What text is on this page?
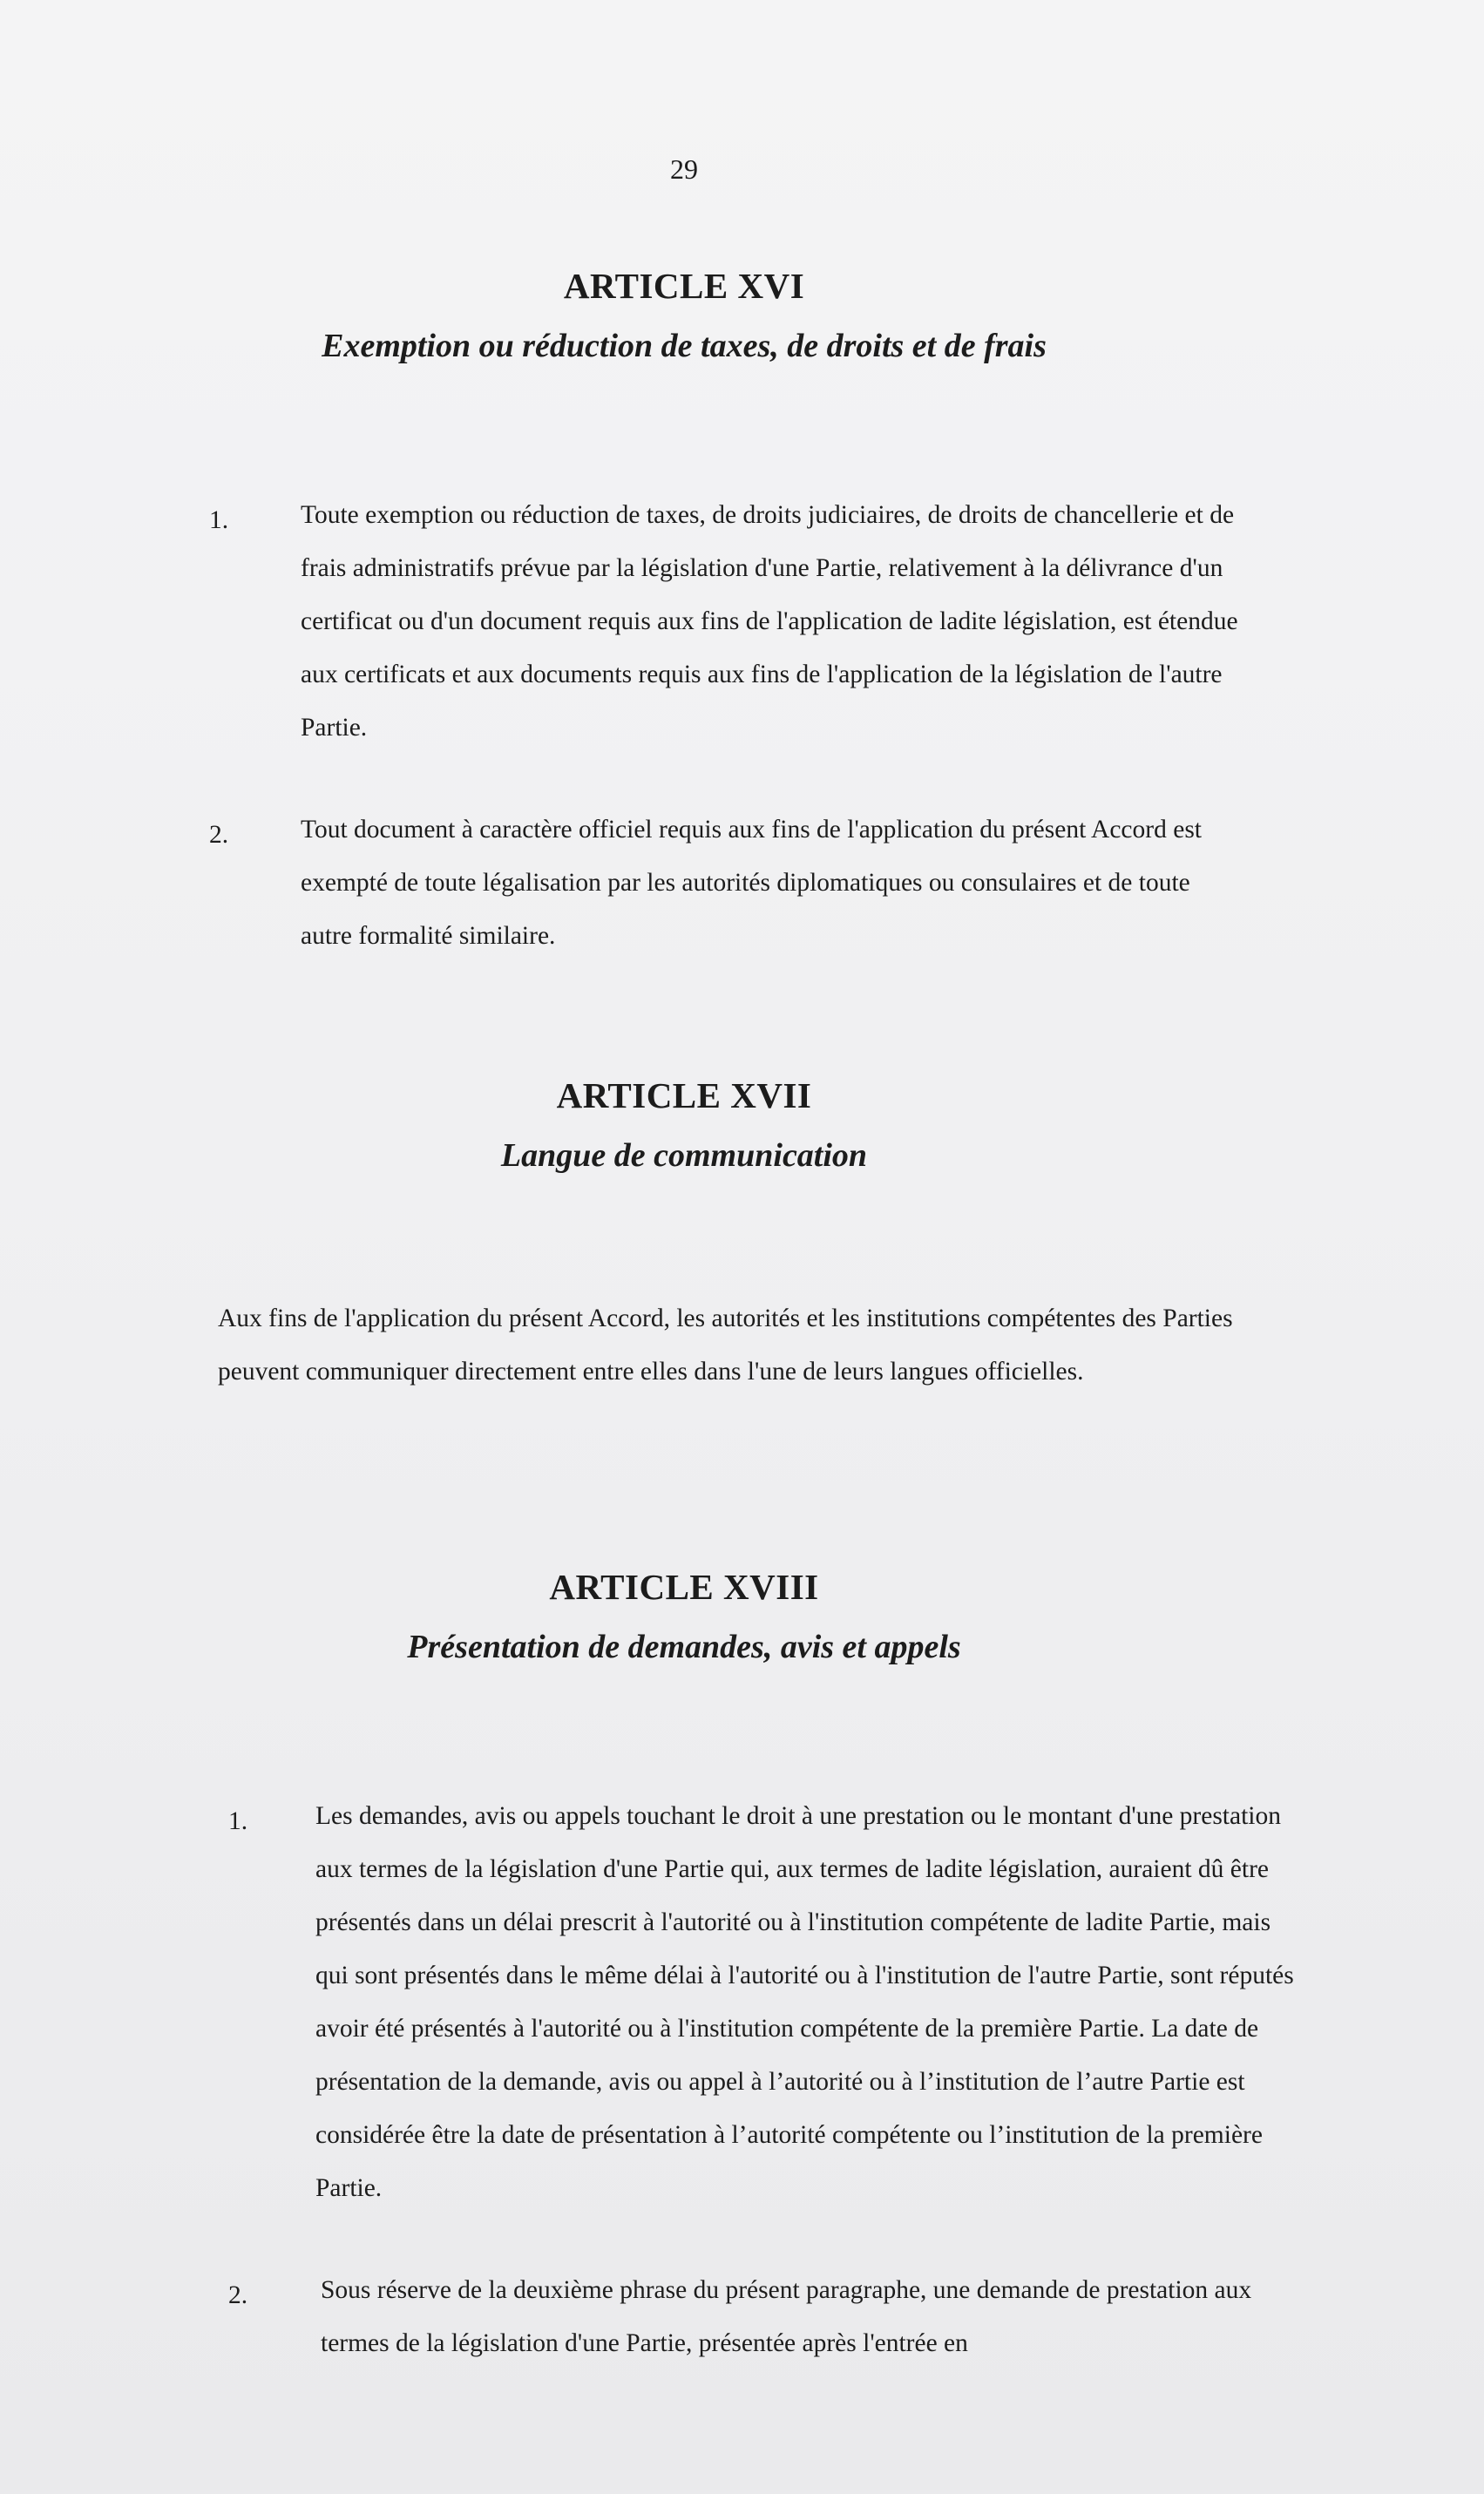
29
ARTICLE XVI
Exemption ou réduction de taxes, de droits et de frais
1.	Toute exemption ou réduction de taxes, de droits judiciaires, de droits de chancellerie et de frais administratifs prévue par la législation d'une Partie, relativement à la délivrance d'un certificat ou d'un document requis aux fins de l'application de ladite législation, est étendue aux certificats et aux documents requis aux fins de l'application de la législation de l'autre Partie.
2.	Tout document à caractère officiel requis aux fins de l'application du présent Accord est exempté de toute légalisation par les autorités diplomatiques ou consulaires et de toute autre formalité similaire.
ARTICLE XVII
Langue de communication
Aux fins de l'application du présent Accord, les autorités et les institutions compétentes des Parties peuvent communiquer directement entre elles dans l'une de leurs langues officielles.
ARTICLE XVIII
Présentation de demandes, avis et appels
1.	Les demandes, avis ou appels touchant le droit à une prestation ou le montant d'une prestation aux termes de la législation d'une Partie qui, aux termes de ladite législation, auraient dû être présentés dans un délai prescrit à l'autorité ou à l'institution compétente de ladite Partie, mais qui sont présentés dans le même délai à l'autorité ou à l'institution de l'autre Partie, sont réputés avoir été présentés à l'autorité ou à l'institution compétente de la première Partie. La date de présentation de la demande, avis ou appel à l’autorité ou à l’institution de l’autre Partie est considérée être la date de présentation à l’autorité compétente ou l’institution de la première Partie.
2.	Sous réserve de la deuxième phrase du présent paragraphe, une demande de prestation aux termes de la législation d'une Partie, présentée après l'entrée en
